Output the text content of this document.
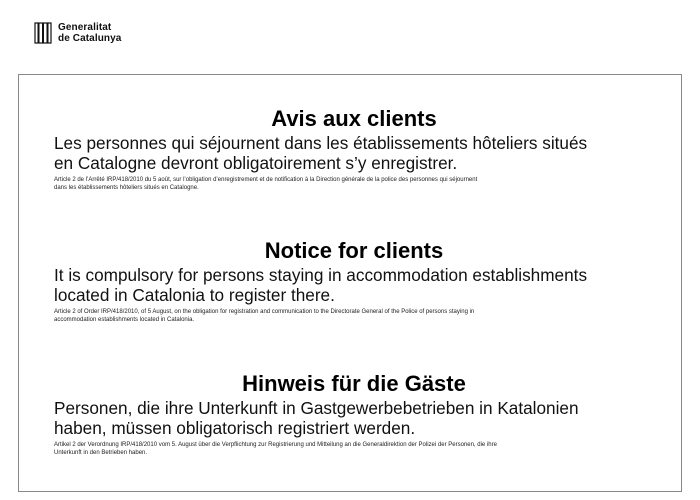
Generalitat
de Catalunya

Avis aux clients

Les personnes qui séjournent dans les établissements hôteliers situés
en Catalogne devront obligatoirement s’y enregistrer.

Article 2 de l’Arrêté IRP/418/2010 du 5 août, sur l’obligation d’enregistrement et de notification à la Direction générale de la police des personnes qui séjournent
dans les établissements hôteliers situés en Catalogne.

Notice for clients

It is compulsory for persons staying in accommodation establishments
located in Catalonia to register there.

Article 2 of Order IRP/418/2010, of 5 August, on the obligation for registration and communication to the Directorate General of the Police of persons staying in
accommodation establishments located in Catalonia.

Hinweis für die Gäste

Personen, die ihre Unterkunft in Gastgewerbebetrieben in Katalonien
haben, müssen obligatorisch registriert werden.

Artikel 2 der Verordnung IRP/418/2010 vom 5. August über die Verpflichtung zur Registrierung und Mitteilung an die Generaldirektion der Polizei der Personen, die ihre
Unterkunft in den Betrieben haben.
